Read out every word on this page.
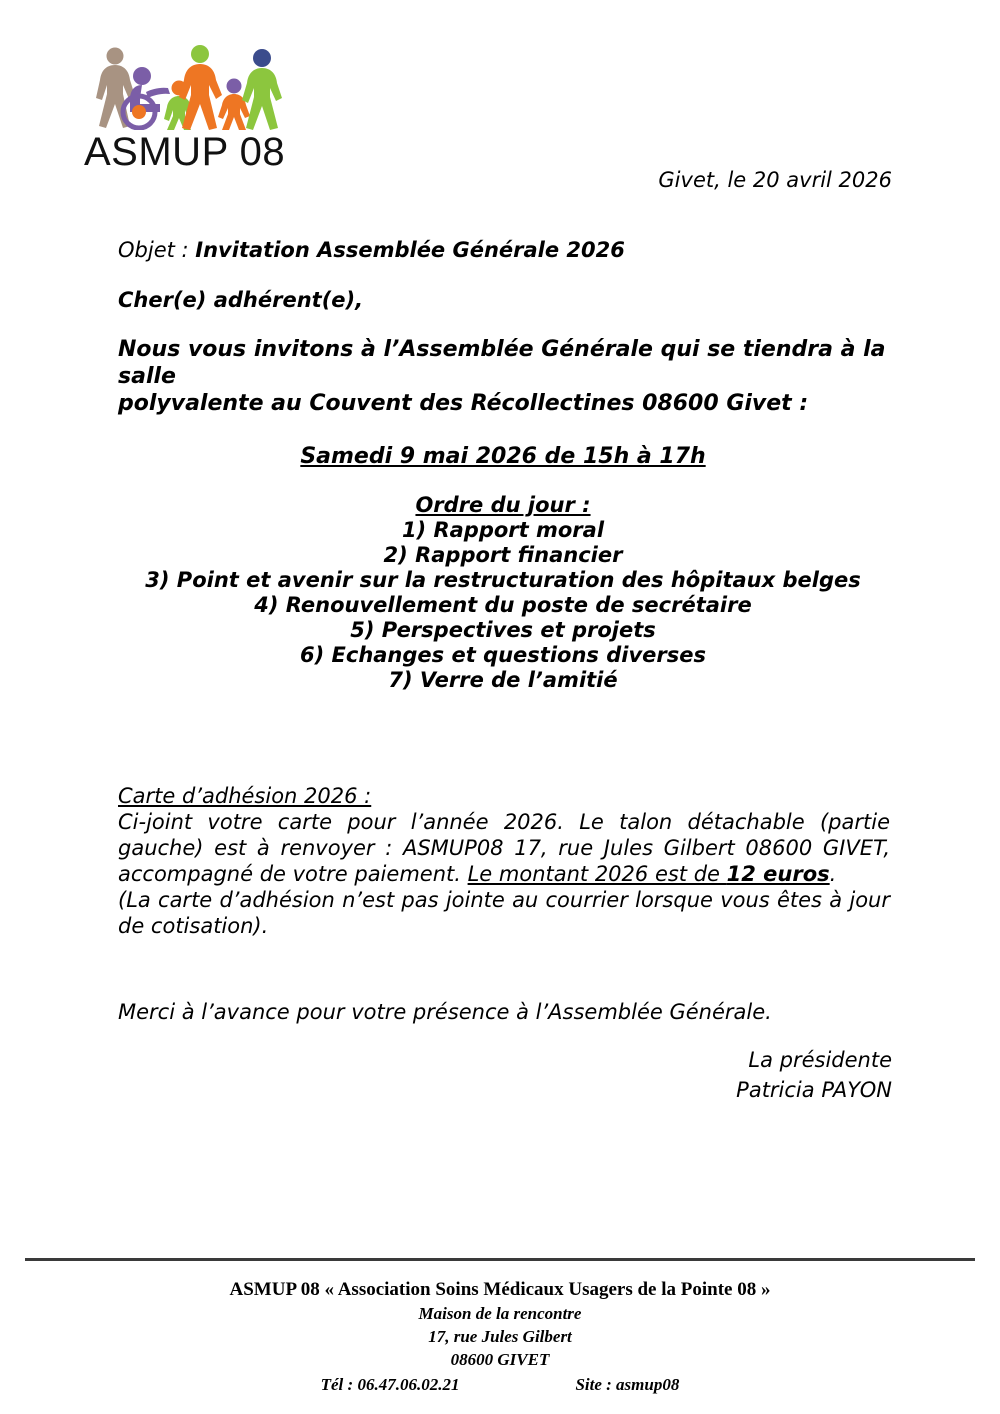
ASMUP 08
Givet, le 20 avril 2026

Objet : Invitation Assemblée Générale 2026

Cher(e) adhérent(e),

Nous vous invitons à l’Assemblée Générale qui se tiendra à la salle
polyvalente au Couvent des Récollectines 08600 Givet :
Samedi 9 mai 2026 de 15h à 17h
Ordre du jour :
1) Rapport moral
2) Rapport financier
3) Point et avenir sur la restructuration des hôpitaux belges
4) Renouvellement du poste de secrétaire
5) Perspectives et projets
6) Echanges et questions diverses
7) Verre de l’amitié
Carte d’adhésion 2026 :
Ci-joint votre carte pour l’année 2026. Le talon détachable (partie gauche) est à renvoyer : ASMUP08 17, rue Jules Gilbert 08600 GIVET, accompagné de votre paiement. Le montant 2026 est de 12 euros.
(La carte d’adhésion n’est pas jointe au courrier lorsque vous êtes à jour de cotisation).
Merci à l’avance pour votre présence à l’Assemblée Générale.
La présidente
Patricia PAYON
ASMUP 08 « Association Soins Médicaux Usagers de la Pointe 08 »
Maison de la rencontre
17, rue Jules Gilbert
08600 GIVET
Tél : 06.47.06.02.21	Site : asmup08
